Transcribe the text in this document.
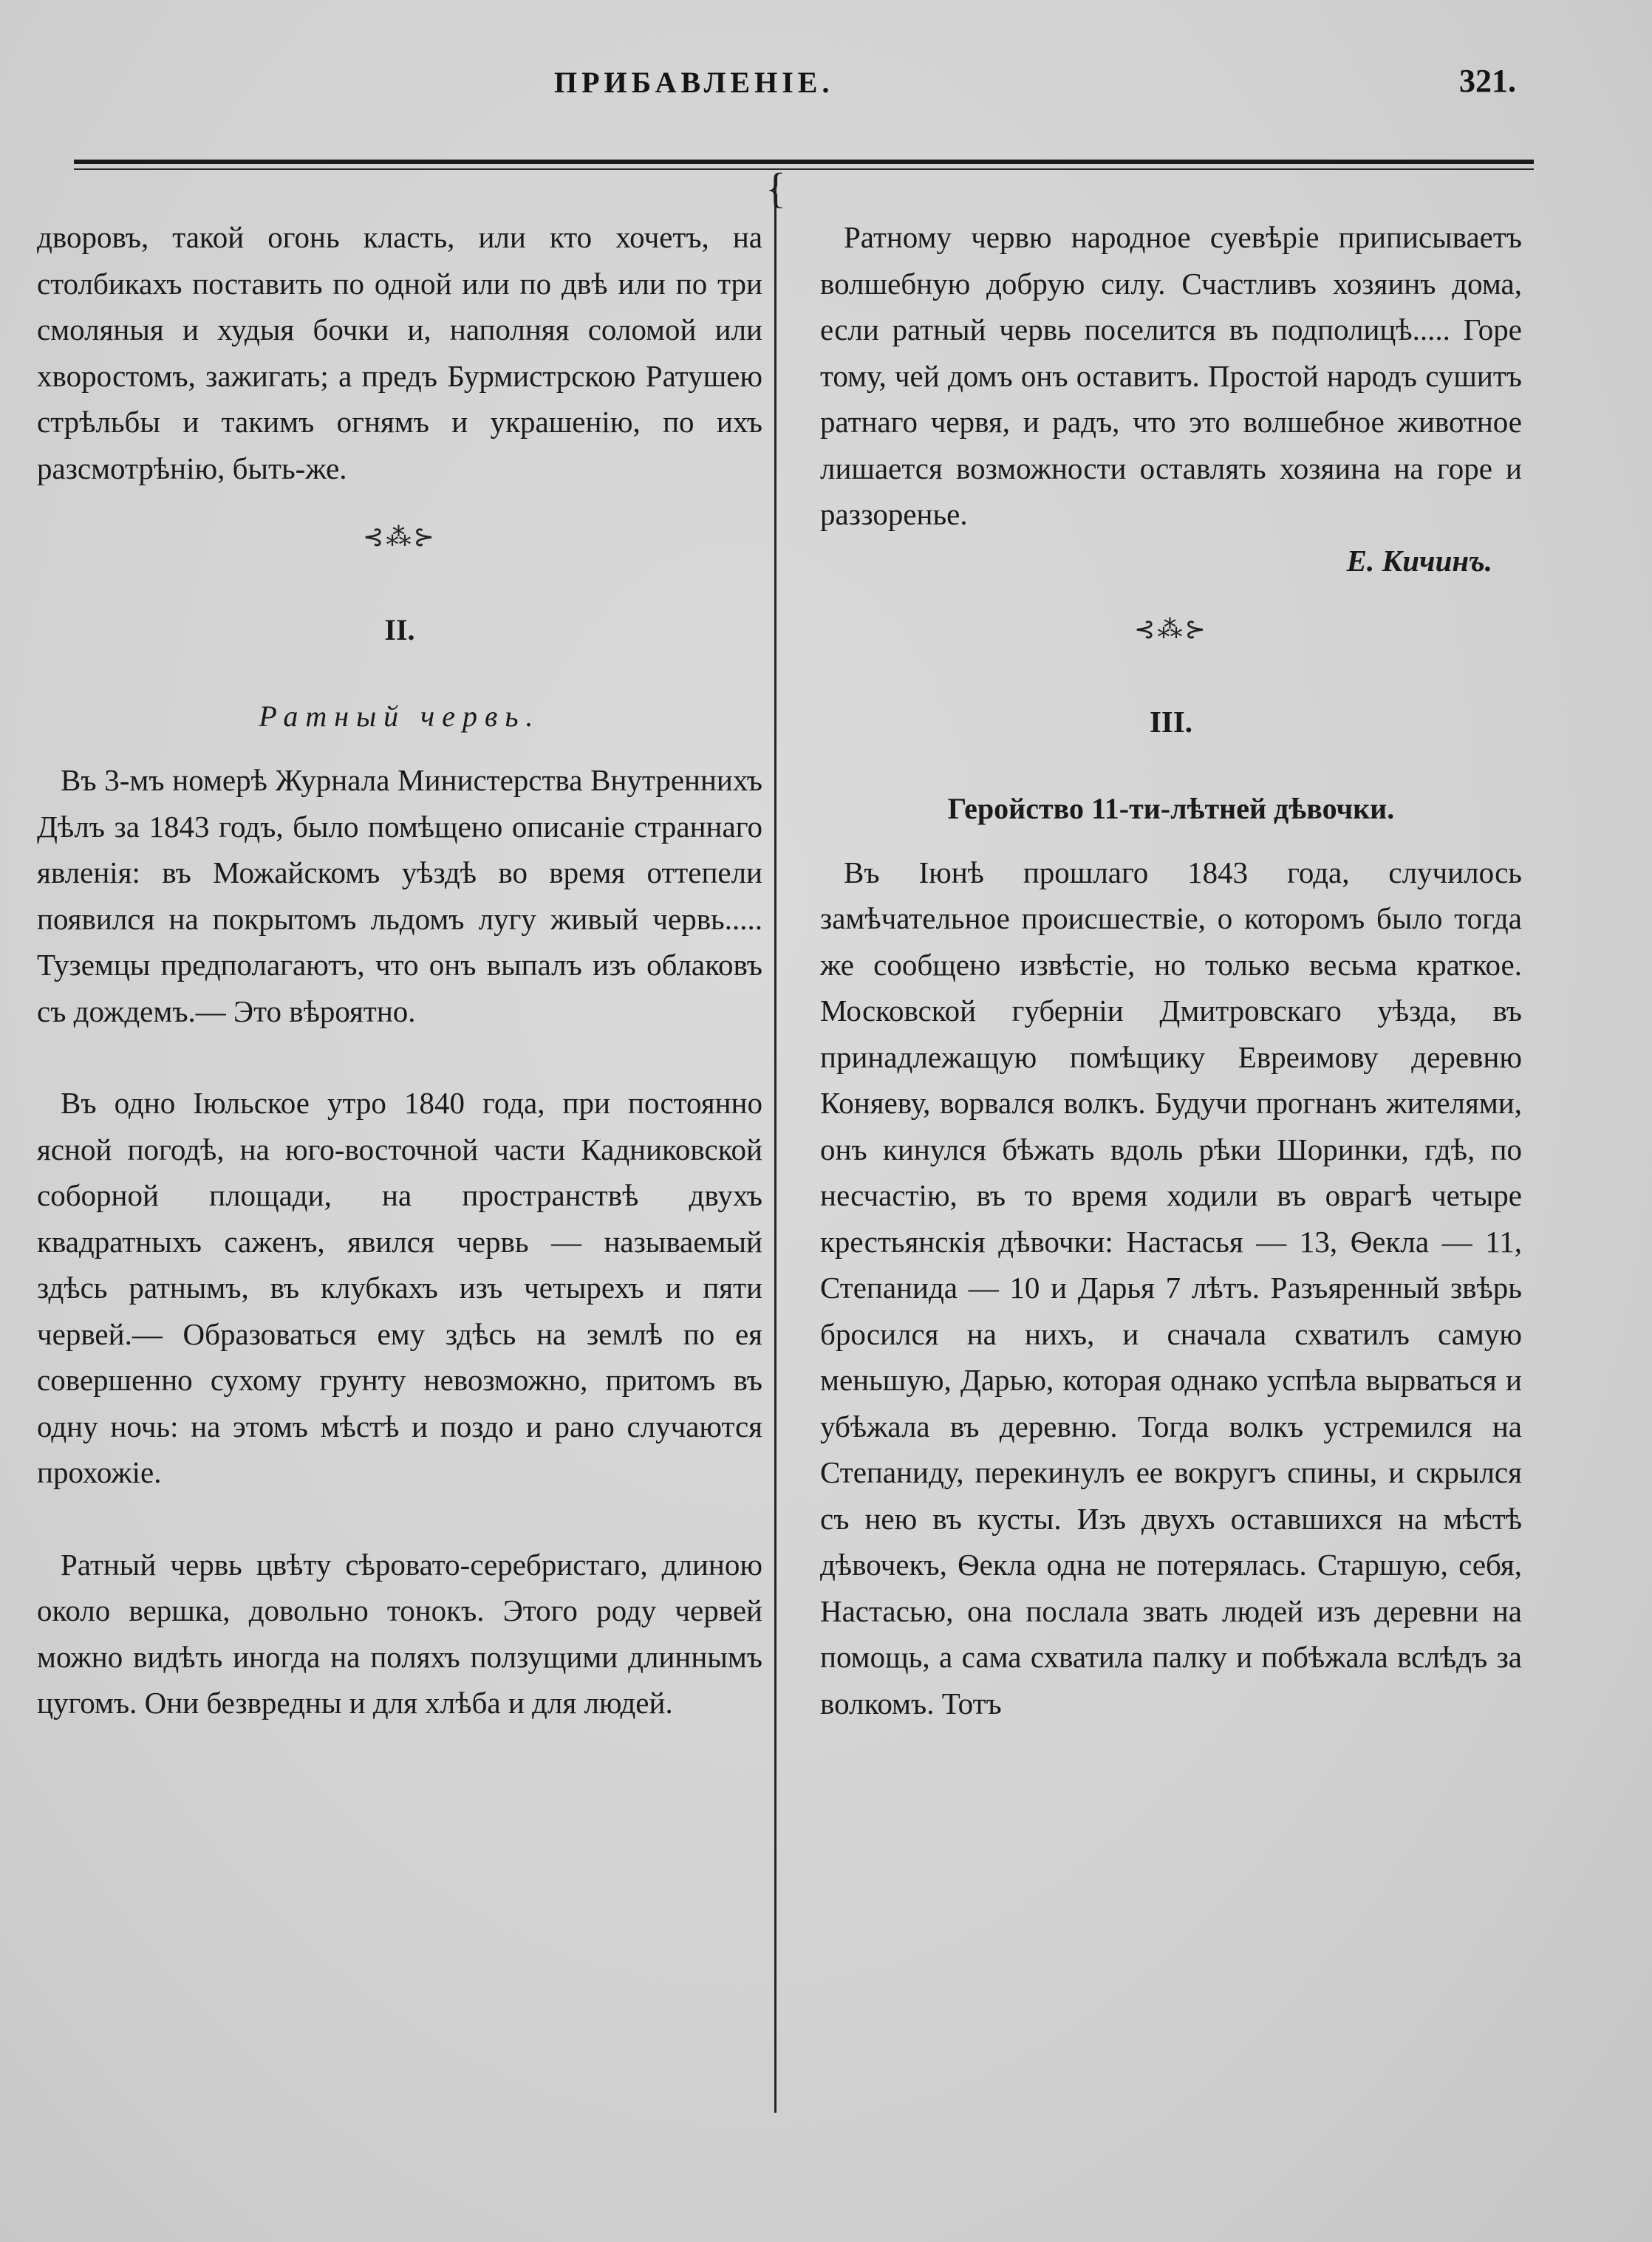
ПРИБАВЛЕНІЕ.	321.
{

дворовъ, такой огонь класть, или кто хочетъ, на столбикахъ поставить по одной или по двѣ или по три смоляныя и худыя бочки и, наполняя соломой или хворостомъ, зажигать; а предъ Бурмистрскою Ратушею стрѣльбы и такимъ огнямъ и украшенію, по ихъ разсмотрѣнію, быть-же.

⊰⁂⊱
II.
Ратный червь.

Въ 3-мъ номерѣ Журнала Министерства Внутреннихъ Дѣлъ за 1843 годъ, было помѣщено описаніе страннаго явленія: въ Можайскомъ уѣздѣ во время оттепели появился на покрытомъ льдомъ лугу живый червь..... Туземцы предполагаютъ, что онъ выпалъ изъ облаковъ съ дождемъ.— Это вѣроятно.

Въ одно Іюльское утро 1840 года, при постоянно ясной погодѣ, на юго-восточной части Кадниковской соборной площади, на пространствѣ двухъ квадратныхъ саженъ, явился червь — называемый здѣсь ратнымъ, въ клубкахъ изъ четырехъ и пяти червей.— Образоваться ему здѣсь на землѣ по ея совершенно сухому грунту невозможно, притомъ въ одну ночь: на этомъ мѣстѣ и поздо и рано случаются прохожіе.

Ратный червь цвѣту сѣровато-серебристаго, длиною около вершка, довольно тонокъ. Этого роду червей можно видѣть иногда на поляхъ ползущими длиннымъ цугомъ. Они безвредны и для хлѣба и для людей.

Ратному червю народное суевѣріе приписываетъ волшебную добрую силу. Счастливъ хозяинъ дома, если ратный червь поселится въ подполицѣ..... Горе тому, чей домъ онъ оставитъ. Простой народъ сушитъ ратнаго червя, и радъ, что это волшебное животное лишается возможности оставлять хозяина на горе и раззоренье.

Е. Кичинъ.
⊰⁂⊱
III.
Геройство 11-ти-лѣтней дѣвочки.

Въ Іюнѣ прошлаго 1843 года, случилось замѣчательное происшествіе, о которомъ было тогда же сообщено извѣстіе, но только весьма краткое. Московской губерніи Дмитровскаго уѣзда, въ принадлежащую помѣщику Евреимову деревню Коняеву, ворвался волкъ. Будучи прогнанъ жителями, онъ кинулся бѣжать вдоль рѣки Шоринки, гдѣ, по несчастію, въ то время ходили въ оврагѣ четыре крестьянскія дѣвочки: Настасья — 13, Ѳекла — 11, Степанида — 10 и Дарья 7 лѣтъ. Разъяренный звѣрь бросился на нихъ, и сначала схватилъ самую меньшую, Дарью, которая однако успѣла вырваться и убѣжала въ деревню. Тогда волкъ устремился на Степаниду, перекинулъ ее вокругъ спины, и скрылся съ нею въ кусты. Изъ двухъ оставшихся на мѣстѣ дѣвочекъ, Ѳекла одна не потерялась. Старшую, себя, Настасью, она послала звать людей изъ деревни на помощь, а сама схватила палку и побѣжала вслѣдъ за волкомъ. Тотъ
